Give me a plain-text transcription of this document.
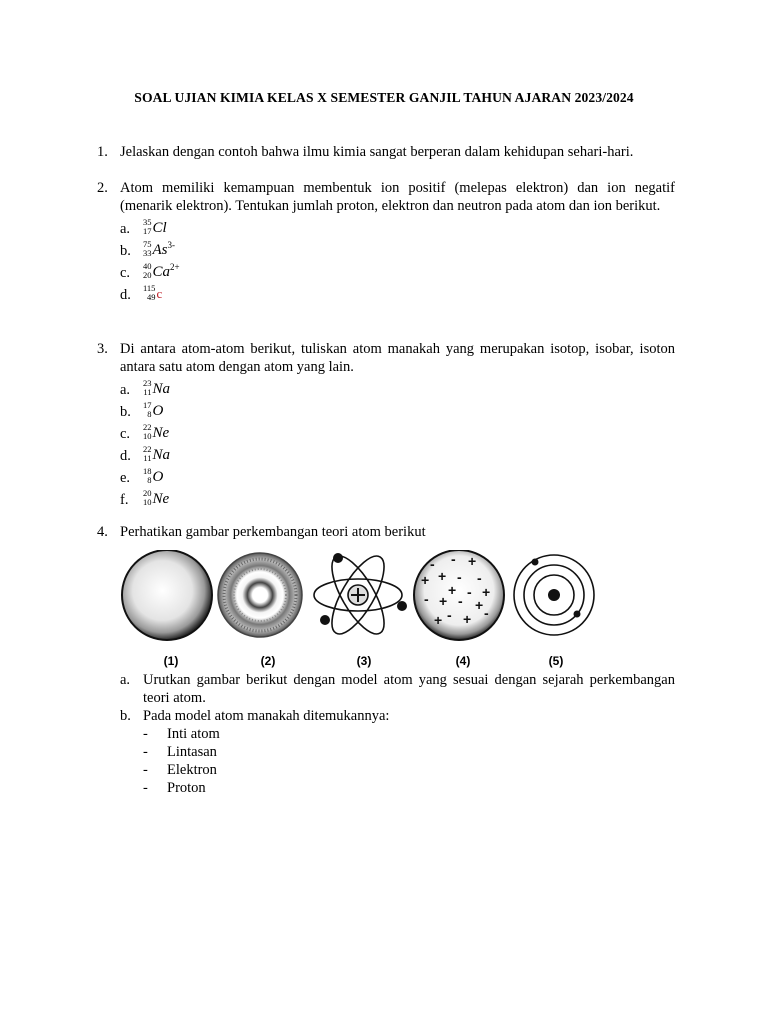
SOAL UJIAN KIMIA KELAS X SEMESTER GANJIL TAHUN AJARAN 2023/2024
1. Jelaskan dengan contoh bahwa ilmu kimia sangat berperan dalam kehidupan sehari-hari.
2. Atom memiliki kemampuan membentuk ion positif (melepas elektron) dan ion negatif (menarik elektron). Tentukan jumlah proton, elektron dan neutron pada atom dan ion berikut.
a. 35
17 Cl
b. 75
33 $As^{3-}$
c. 40
20 $Ca^{2+}$
d. 115
49 c
3. Di antara atom-atom berikut, tuliskan atom manakah yang merupakan isotop, isobar, isoton antara satu atom dengan atom yang lain.
a. 23
11 Na
b. 17
8 O
c. 22
10 Ne
d. 22
11 Na
e. 18
8 O
f. 20
10 Ne
4. Perhatikan gambar perkembangan teori atom berikut
- - +
+ + - -
+ - +
- + - +
+ - + -
(1)	(2)	(3)	(4)	(5)
a. Urutkan gambar berikut dengan model atom yang sesuai dengan sejarah perkembangan teori atom.
b. Pada model atom manakah ditemukannya:
- Inti atom
- Lintasan
- Elektron
- Proton
